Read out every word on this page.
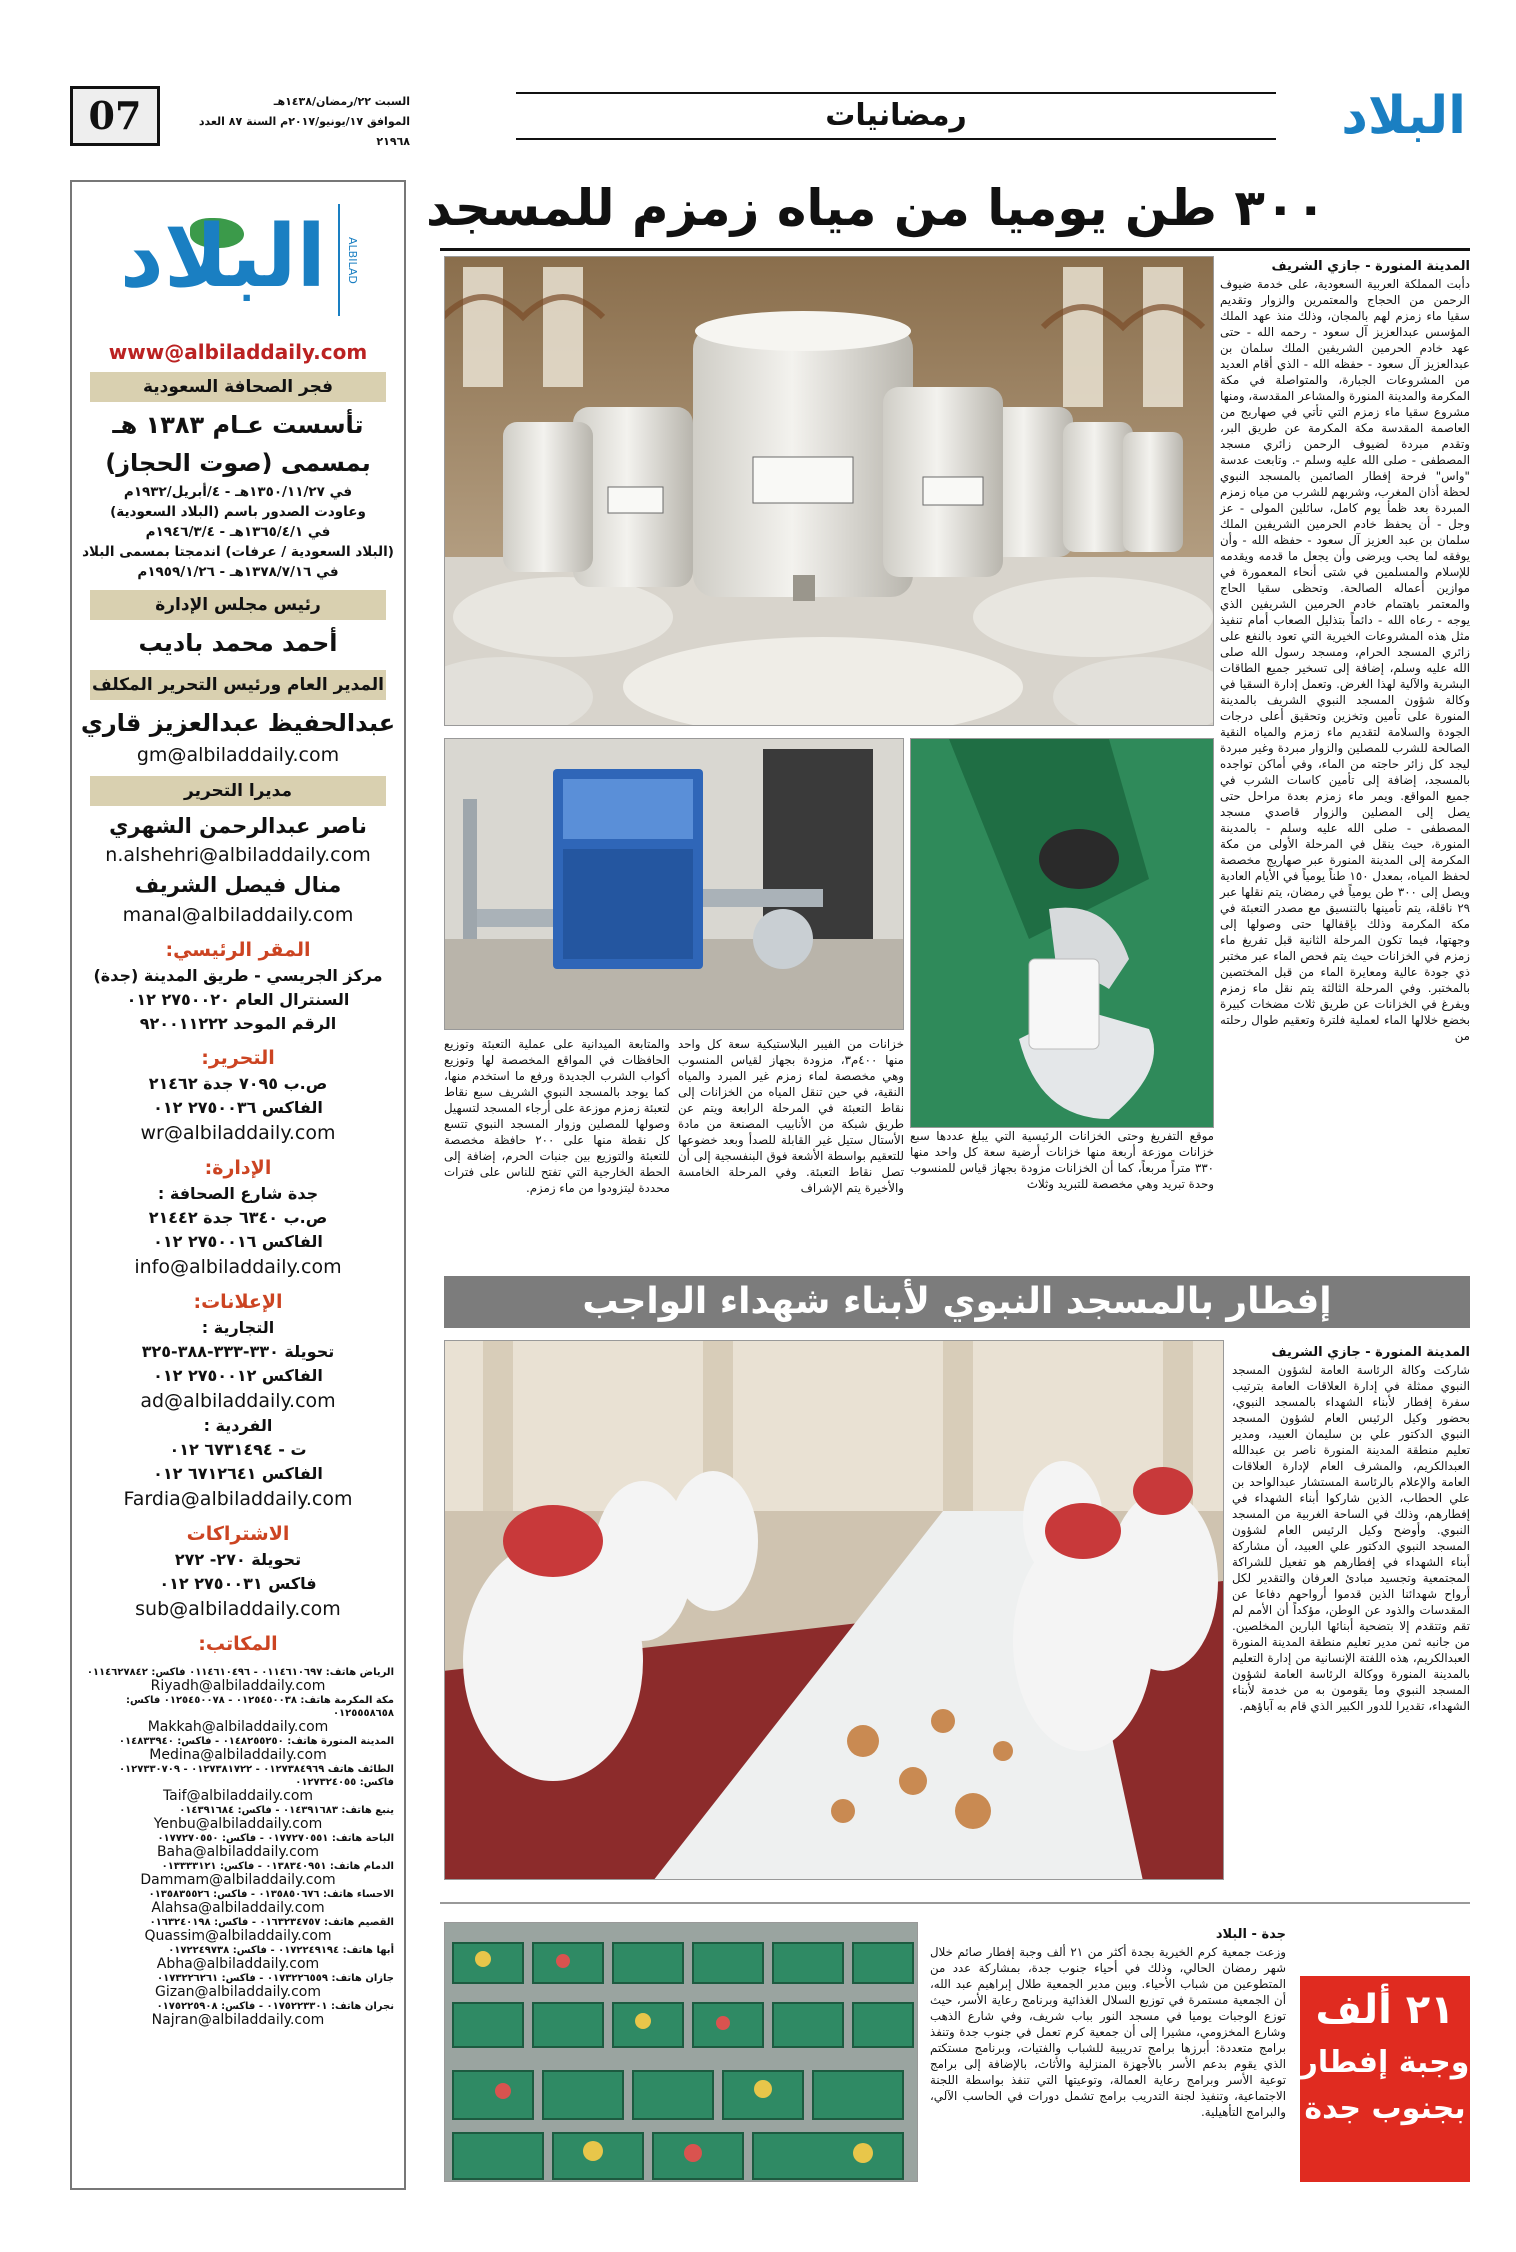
البلاد
رمضانيات
السبت ٢٢/رمضان/١٤٣٨هـ
الموافق ١٧/يونيو/٢٠١٧م السنة ٨٧ العدد ٢١٩٦٨
07
البلاد	ALBILAD
www@albiladdaily.com
فجر الصحافة السعودية
تأسست عـام ١٣٨٣ هـ
بمسمى (صوت الحجاز)
في ١٣٥٠/١١/٢٧هـ - ٤/أبريل/١٩٣٢م
وعاودت الصدور باسم (البلاد السعودية)
في ١٣٦٥/٤/١هـ - ١٩٤٦/٣/٤م
(البلاد السعودية / عرفات) اندمجتا بمسمى البلاد
في ١٣٧٨/٧/١٦هـ - ١٩٥٩/١/٢٦م
رئيس مجلس الإدارة
أحمد محمد باديب
المدير العام ورئيس التحرير المكلف
عبدالحفيظ عبدالعزيز قاري
gm@albiladdaily.com
مديرا التحرير
ناصر عبدالرحمن الشهري
n.alshehri@albiladdaily.com
منال فيصل الشريف
manal@albiladdaily.com
المقر الرئيسي:
مركز الجريسي - طريق المدينة (جدة)
السنترال العام ٢٧٥٠٠٢٠ ٠١٢
الرقم الموحد ٩٢٠٠١١٢٢٢
التحرير:
ص.ب ٧٠٩٥ جدة ٢١٤٦٢
الفاكس ٢٧٥٠٠٣٦ ٠١٢
wr@albiladdaily.com
الإدارة:
جدة شارع الصحافة :
ص.ب ٦٣٤٠ جدة ٢١٤٤٢
الفاكس ٢٧٥٠٠١٦ ٠١٢
info@albiladdaily.com
الإعلانات:
التجارية :
تحويلة ٣٣٠-٣٣٣-٣٨٨-٣٢٥
الفاكس ٢٧٥٠٠١٢ ٠١٢
ad@albiladdaily.com
الفردية :
ت - ٦٧٣١٤٩٤ ٠١٢
الفاكس ٦٧١٢٦٤١ ٠١٢
Fardia@albiladdaily.com
الاشتراكات
تحويلة ٢٧٠- ٢٧٢
فاكس ٢٧٥٠٠٣١ ٠١٢
sub@albiladdaily.com
المكاتب:
الرياض هاتف: ٠١١٤٦١٠٦٩٧ - ٠١١٤٦١٠٤٩٦ فاكس: ٠١١٤٦٢٧٨٤٢
Riyadh@albiladdaily.com
مكة المكرمة هاتف: ٠١٢٥٤٥٠٠٣٨ - ٠١٢٥٤٥٠٠٧٨ فاكس: ٠١٢٥٥٥٨٦٥٨
Makkah@albiladdaily.com
المدينة المنورة هاتف: ٠١٤٨٢٥٥٢٥٠ - فاكس: ٠١٤٨٣٣٩٤٠
Medina@albiladdaily.com
الطائف هاتف ٠١٢٧٣٨٤٩٦٩ - ٠١٢٧٣٨١٧٢٢ - ٠١٢٧٣٣٠٧٠٩ فاكس: ٠١٢٧٣٢٤٠٥٥
Taif@albiladdaily.com
ينبع هاتف: ٠١٤٣٩١٦٨٣ - فاكس: ٠١٤٣٩١٦٨٤
Yenbu@albiladdaily.com
الباحة هاتف: ٠١٧٧٢٧٠٥٥١ - فاكس: ٠١٧٧٢٧٠٥٥٠
Baha@albiladdaily.com
الدمام هاتف: ٠١٣٨٣٤٠٩٥١ - فاكس: ٠١٣٣٣٣١٢١
Dammam@albiladdaily.com
الاحساء هاتف: ٠١٣٥٨٥٠٦٧٦ - فاكس: ٠١٣٥٨٣٥٥٢٦
Alahsa@albiladdaily.com
القصيم هاتف: ٠١٦٣٢٣٤٧٥٧ - فاكس: ٠١٦٣٢٤٠١٩٨
Quassim@albiladdaily.com
أبها هاتف: ٠١٧٢٢٤٩١٩٤ - فاكس: ٠١٧٢٢٤٩٧٣٨
Abha@albiladdaily.com
جازان هاتف: ٠١٧٣٢٢٦٥٥٩ - فاكس: ٠١٧٣٢٢٦٢٦١
Gizan@albiladdaily.com
نجران هاتف: ٠١٧٥٢٢٣٣٠١ - فاكس: ٠١٧٥٢٢٥٩٠٨
Najran@albiladdaily.com
٣٠٠ طن يوميا من مياه زمزم للمسجد
المدينة المنورة - جازي الشريف

دأبت المملكة العربية السعودية، على خدمة ضيوف الرحمن من الحجاج والمعتمرين والزوار وتقديم سقيا ماء زمزم لهم بالمجان، وذلك منذ عهد الملك المؤسس عبدالعزيز آل سعود - رحمه الله - حتى عهد خادم الحرمين الشريفين الملك سلمان بن عبدالعزيز آل سعود - حفظه الله - الذي أقام العديد من المشروعات الجبارة، والمتواصلة في مكة المكرمة والمدينة المنورة والمشاعر المقدسة، ومنها مشروع سقيا ماء زمزم التي تأتي في صهاريج من العاصمة المقدسة مكة المكرمة عن طريق البر، وتقدم مبردة لضيوف الرحمن زائري مسجد المصطفى - صلى الله عليه وسلم -. وتابعت عدسة "واس" فرحة إفطار الصائمين بالمسجد النبوي لحظة أذان المغرب، وشربهم للشرب من مياه زمزم المبردة بعد ظمأ يوم كامل، سائلين المولى - عز وجل - أن يحفظ خادم الحرمين الشريفين الملك سلمان بن عبد العزيز آل سعود - حفظه الله - وأن يوفقه لما يحب ويرضى وأن يجعل ما قدمه ويقدمه للإسلام والمسلمين في شتى أنحاء المعمورة في موازين أعماله الصالحة. وتحظى سقيا الحاج والمعتمر باهتمام خادم الحرمين الشريفين الذي يوجه - رعاه الله - دائماً بتذليل الصعاب أمام تنفيذ مثل هذه المشروعات الخيرية التي تعود بالنفع على زائري المسجد الحرام، ومسجد رسول الله صلى الله عليه وسلم، إضافة إلى تسخير جميع الطاقات البشرية والآلية لهذا الغرض. وتعمل إدارة السقيا في وكالة شؤون المسجد النبوي الشريف بالمدينة المنورة على تأمين وتخزين وتحقيق أعلى درجات الجودة والسلامة لتقديم ماء زمزم والمياه النقية الصالحة للشرب للمصلين والزوار مبردة وغير مبردة ليجد كل زائر حاجته من الماء، وفي أماكن تواجده بالمسجد، إضافة إلى تأمين كاسات الشرب في جميع المواقع. ويمر ماء زمزم بعدة مراحل حتى يصل إلى المصلين والزوار قاصدي مسجد المصطفى - صلى الله عليه وسلم - بالمدينة المنورة، حيث ينقل في المرحلة الأولى من مكة المكرمة إلى المدينة المنورة عبر صهاريج مخصصة لحفظ المياه، بمعدل ١٥٠ طناً يومياً في الأيام العادية ويصل إلى ٣٠٠ طن يومياً في رمضان، يتم نقلها عبر ٢٩ ناقلة، يتم تأمينها بالتنسيق مع مصدر التعبئة في مكة المكرمة وذلك بإقفالها حتى وصولها إلى وجهتها، فيما تكون المرحلة الثانية قبل تفريغ ماء زمزم في الخزانات حيث يتم فحص الماء عبر مختبر ذي جودة عالية ومعايرة الماء من قبل المختصين بالمختبر. وفي المرحلة الثالثة يتم نقل ماء زمزم ويفرغ في الخزانات عن طريق ثلاث مضخات كبيرة بخضع خلالها الماء لعملية فلترة وتعقيم طوال رحلته من

موقع التفريغ وحتى الخزانات الرئيسية التي يبلغ عددها سبع خزانات موزعة أربعة منها خزانات أرضية سعة كل واحد منها ٣٣٠ متراً مربعاً، كما أن الخزانات مزودة بجهاز قياس للمنسوب وحدة تبريد وهي مخصصة للتبريد وثلاث

خزانات من الفيبر البلاستيكية سعة كل واحد منها ٤٠٠م٣، مزودة بجهاز لقياس المنسوب وهي مخصصة لماء زمزم غير المبرد والمياه النقية، في حين تنقل المياه من الخزانات إلى نقاط التعبئة في المرحلة الرابعة ويتم عن طريق شبكة من الأنابيب المصنعة من مادة الأستال ستيل غير القابلة للصدأ وبعد خضوعها للتعقيم بواسطة الأشعة فوق البنفسجية إلى أن تصل نقاط التعبئة. وفي المرحلة الخامسة والأخيرة يتم الإشراف

والمتابعة الميدانية على عملية التعبئة وتوزيع الحافظات في المواقع المخصصة لها وتوزيع أكواب الشرب الجديدة ورفع ما استخدم منها، كما يوجد بالمسجد النبوي الشريف سبع نقاط لتعبئة زمزم موزعة على أرجاء المسجد لتسهيل وصولها للمصلين وزوار المسجد النبوي تتسع كل نقطة منها على ٢٠٠ حافظة مخصصة للتعبئة والتوزيع بين جنبات الحرم، إضافة إلى الحطة الخارجية التي تفتح للناس على فترات محددة ليتزودوا من ماء زمزم.

إفطار بالمسجد النبوي لأبناء شهداء الواجب
المدينة المنورة - جازي الشريف

شاركت وكالة الرئاسة العامة لشؤون المسجد النبوي ممثلة في إدارة العلاقات العامة بترتيب سفرة إفطار لأبناء الشهداء بالمسجد النبوي، بحضور وكيل الرئيس العام لشؤون المسجد النبوي الدكتور علي بن سليمان العبيد، ومدير تعليم منطقة المدينة المنورة ناصر بن عبدالله العبدالكريم، والمشرف العام لإدارة العلاقات العامة والإعلام بالرئاسة المستشار عبدالواحد بن علي الحطاب، الذين شاركوا أبناء الشهداء في إفطارهم، وذلك في الساحة الغربية من المسجد النبوي. وأوضح وكيل الرئيس العام لشؤون المسجد النبوي الدكتور علي العبيد، أن مشاركة أبناء الشهداء في إفطارهم هو تفعيل للشراكة المجتمعية وتجسيد مبادئ العرفان والتقدير لكل أرواح شهدائنا الذين قدموا أرواحهم دفاعا عن المقدسات والذود عن الوطن، مؤكداً أن الأمم لم تقم وتتقدم إلا بتضحية أبنائها البارين المخلصين. من جانبه ثمن مدير تعليم منطقة المدينة المنورة العبدالكريم، هذه اللفتة الإنسانية من إدارة التعليم بالمدينة المنورة ووكالة الرئاسة العامة لشؤون المسجد النبوي وما يقومون به من خدمة لأبناء الشهداء، تقديرا للدور الكبير الذي قام به آباؤهم.

جدة - البلاد

وزعت جمعية كرم الخيرية بجدة أكثر من ٢١ ألف وجبة إفطار صائم خلال شهر رمضان الحالي، وذلك في أحياء جنوب جدة، بمشاركة عدد من المتطوعين من شباب الأحياء. وبين مدير الجمعية طلال إبراهيم عبد الله، أن الجمعية مستمرة في توزيع السلال الغذائية وبرنامج رعاية الأسر، حيث توزع الوجبات يوميا في مسجد النور بباب شريف، وفي شارع الذهب وشارع المخزومي، مشيرا إلى أن جمعية كرم تعمل في جنوب جدة وتنفذ برامج متعددة: أبرزها برامج تدريبية للشباب والفتيات، وبرنامج مستكتم الذي يقوم بدعم الأسر بالأجهزة المنزلية والأثاث، بالإضافة إلى برامج توعية الأسر وبرامج رعاية العمالة، وتوعيتها التي تنفذ بواسطة اللجنة الاجتماعية، وتنفيذ لجنة التدريب برامج تشمل دورات في الحاسب الآلي، والبرامج التأهيلية.

٢١ ألف
وجبة إفطار
بجنوب جدة
